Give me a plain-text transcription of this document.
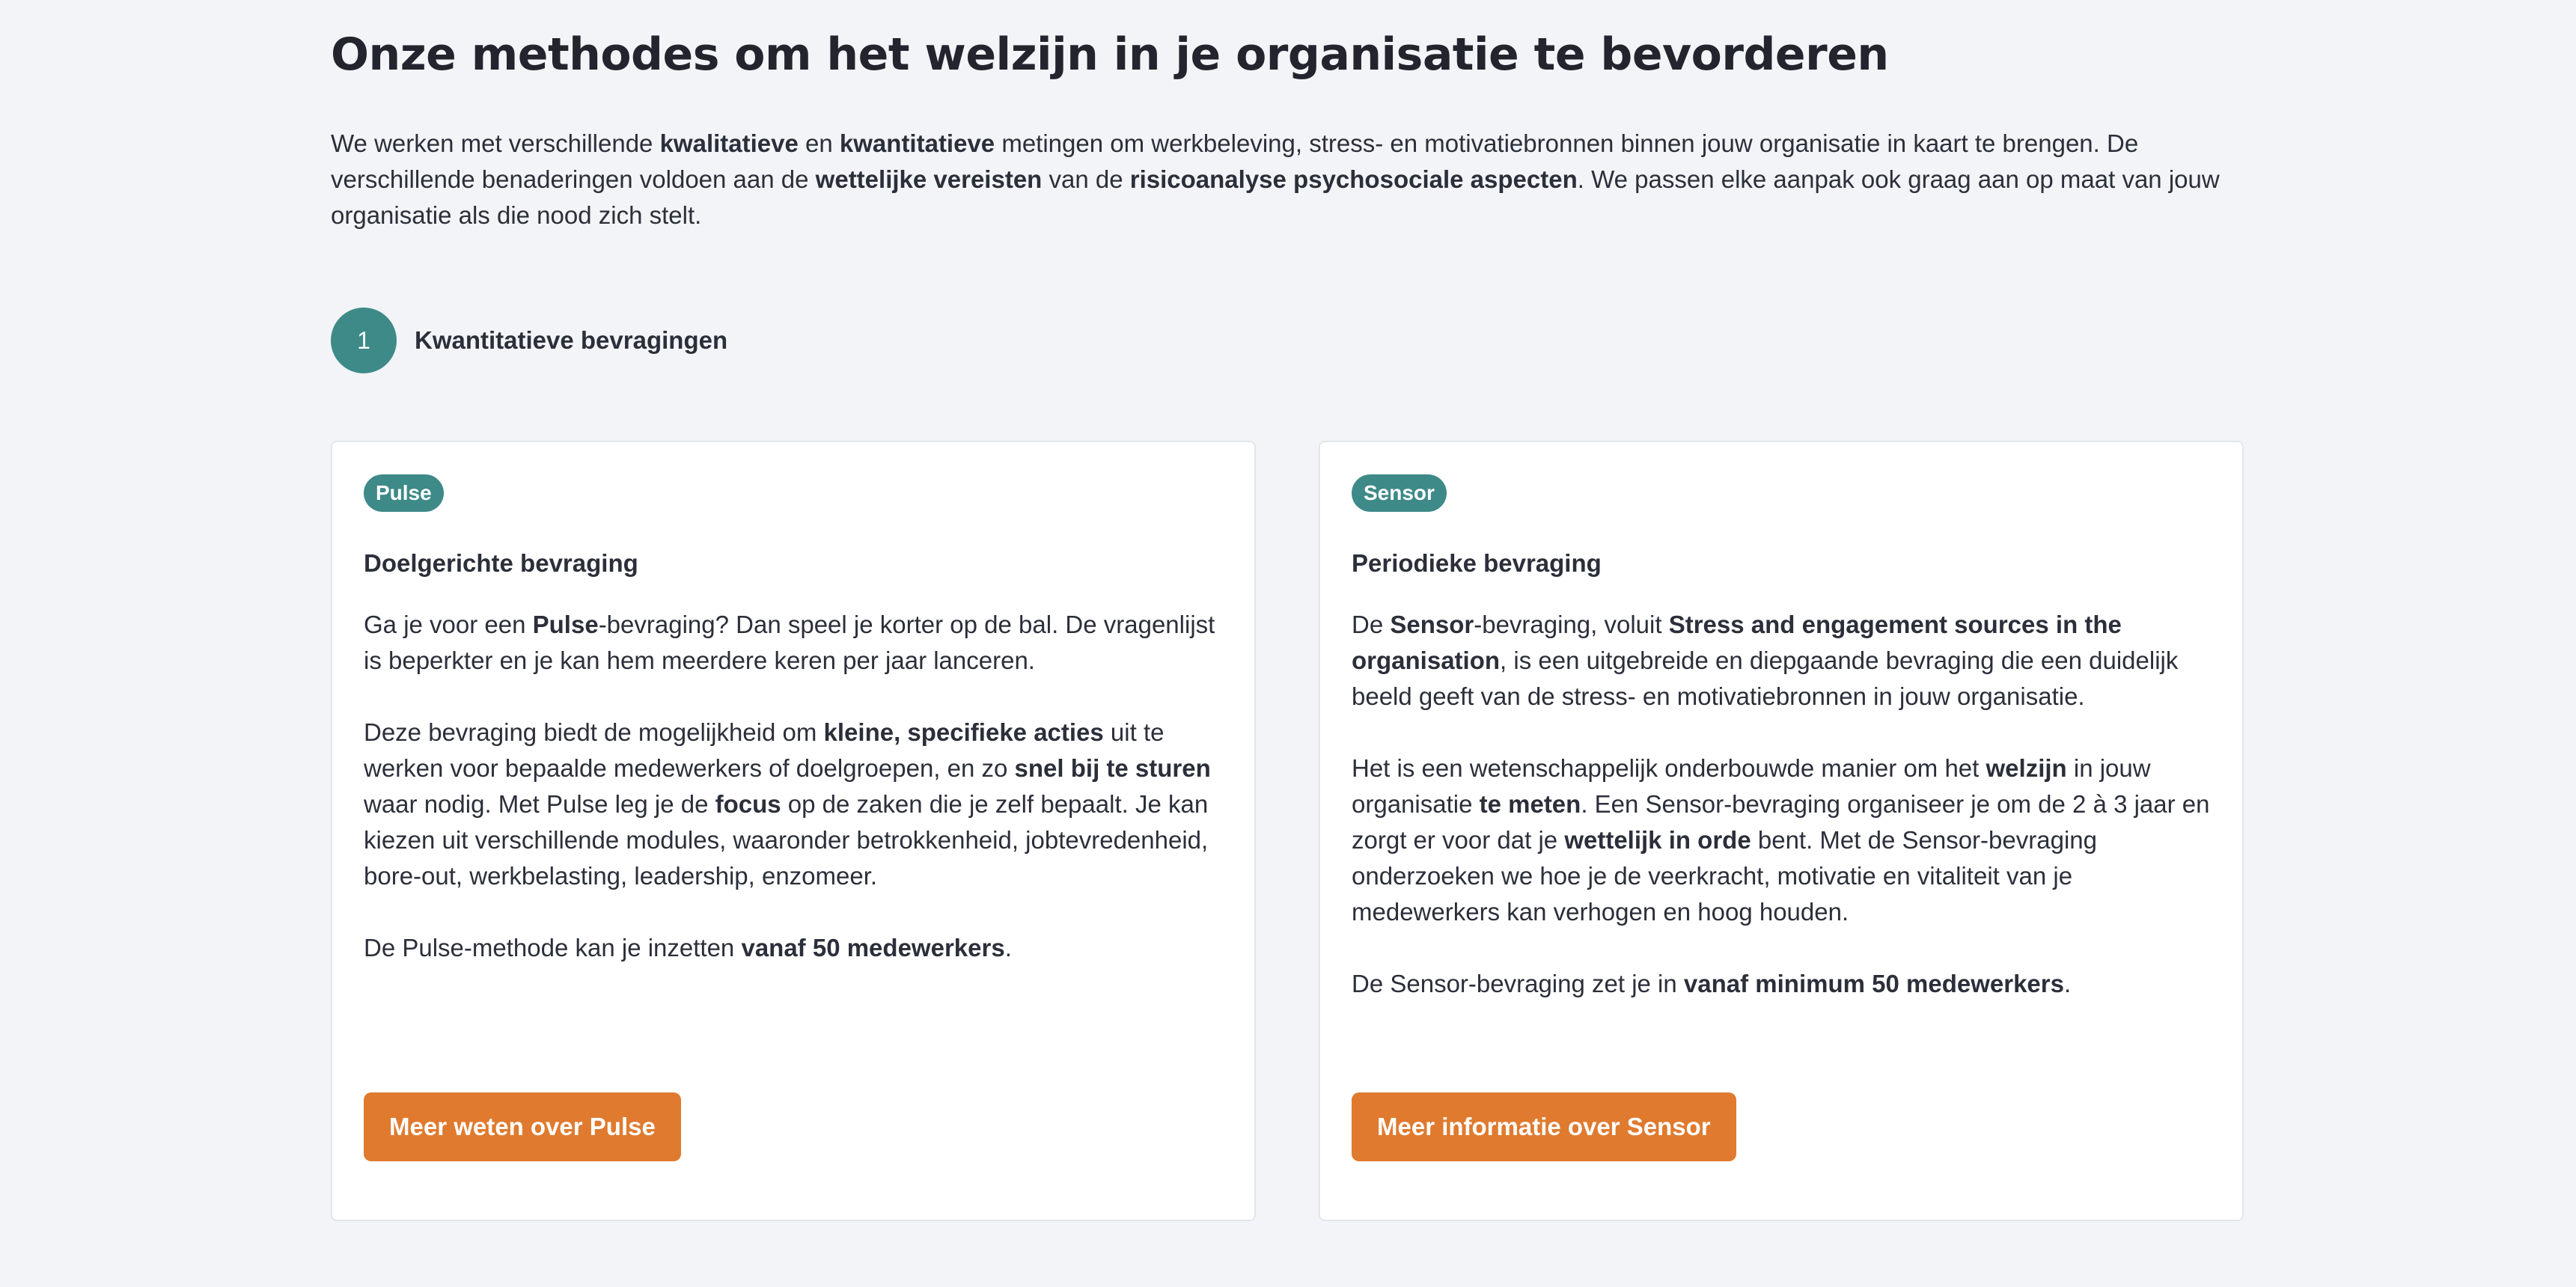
Onze methodes om het welzijn in je organisatie te bevorderen
We werken met verschillende kwalitatieve en kwantitatieve metingen om werkbeleving, stress- en motivatiebronnen binnen jouw organisatie in kaart te brengen. De verschillende benaderingen voldoen aan de wettelijke vereisten van de risicoanalyse psychosociale aspecten. We passen elke aanpak ook graag aan op maat van jouw organisatie als die nood zich stelt.
1	Kwantitatieve bevragingen
Pulse
Doelgerichte bevraging

Ga je voor een Pulse-bevraging? Dan speel je korter op de bal. De vragenlijst is beperkter en je kan hem meerdere keren per jaar lanceren.

Deze bevraging biedt de mogelijkheid om kleine, specifieke acties uit te werken voor bepaalde medewerkers of doelgroepen, en zo snel bij te sturen waar nodig. Met Pulse leg je de focus op de zaken die je zelf bepaalt. Je kan kiezen uit verschillende modules, waaronder betrokkenheid, jobtevredenheid, bore-out, werkbelasting, leadership, enzomeer.

De Pulse-methode kan je inzetten vanaf 50 medewerkers.

Meer weten over Pulse
Sensor
Periodieke bevraging

De Sensor-bevraging, voluit Stress and engagement sources in the organisation, is een uitgebreide en diepgaande bevraging die een duidelijk beeld geeft van de stress- en motivatiebronnen in jouw organisatie.

Het is een wetenschappelijk onderbouwde manier om het welzijn in jouw organisatie te meten. Een Sensor-bevraging organiseer je om de 2 à 3 jaar en zorgt er voor dat je wettelijk in orde bent. Met de Sensor-bevraging onderzoeken we hoe je de veerkracht, motivatie en vitaliteit van je medewerkers kan verhogen en hoog houden.

De Sensor-bevraging zet je in vanaf minimum 50 medewerkers.

Meer informatie over Sensor
